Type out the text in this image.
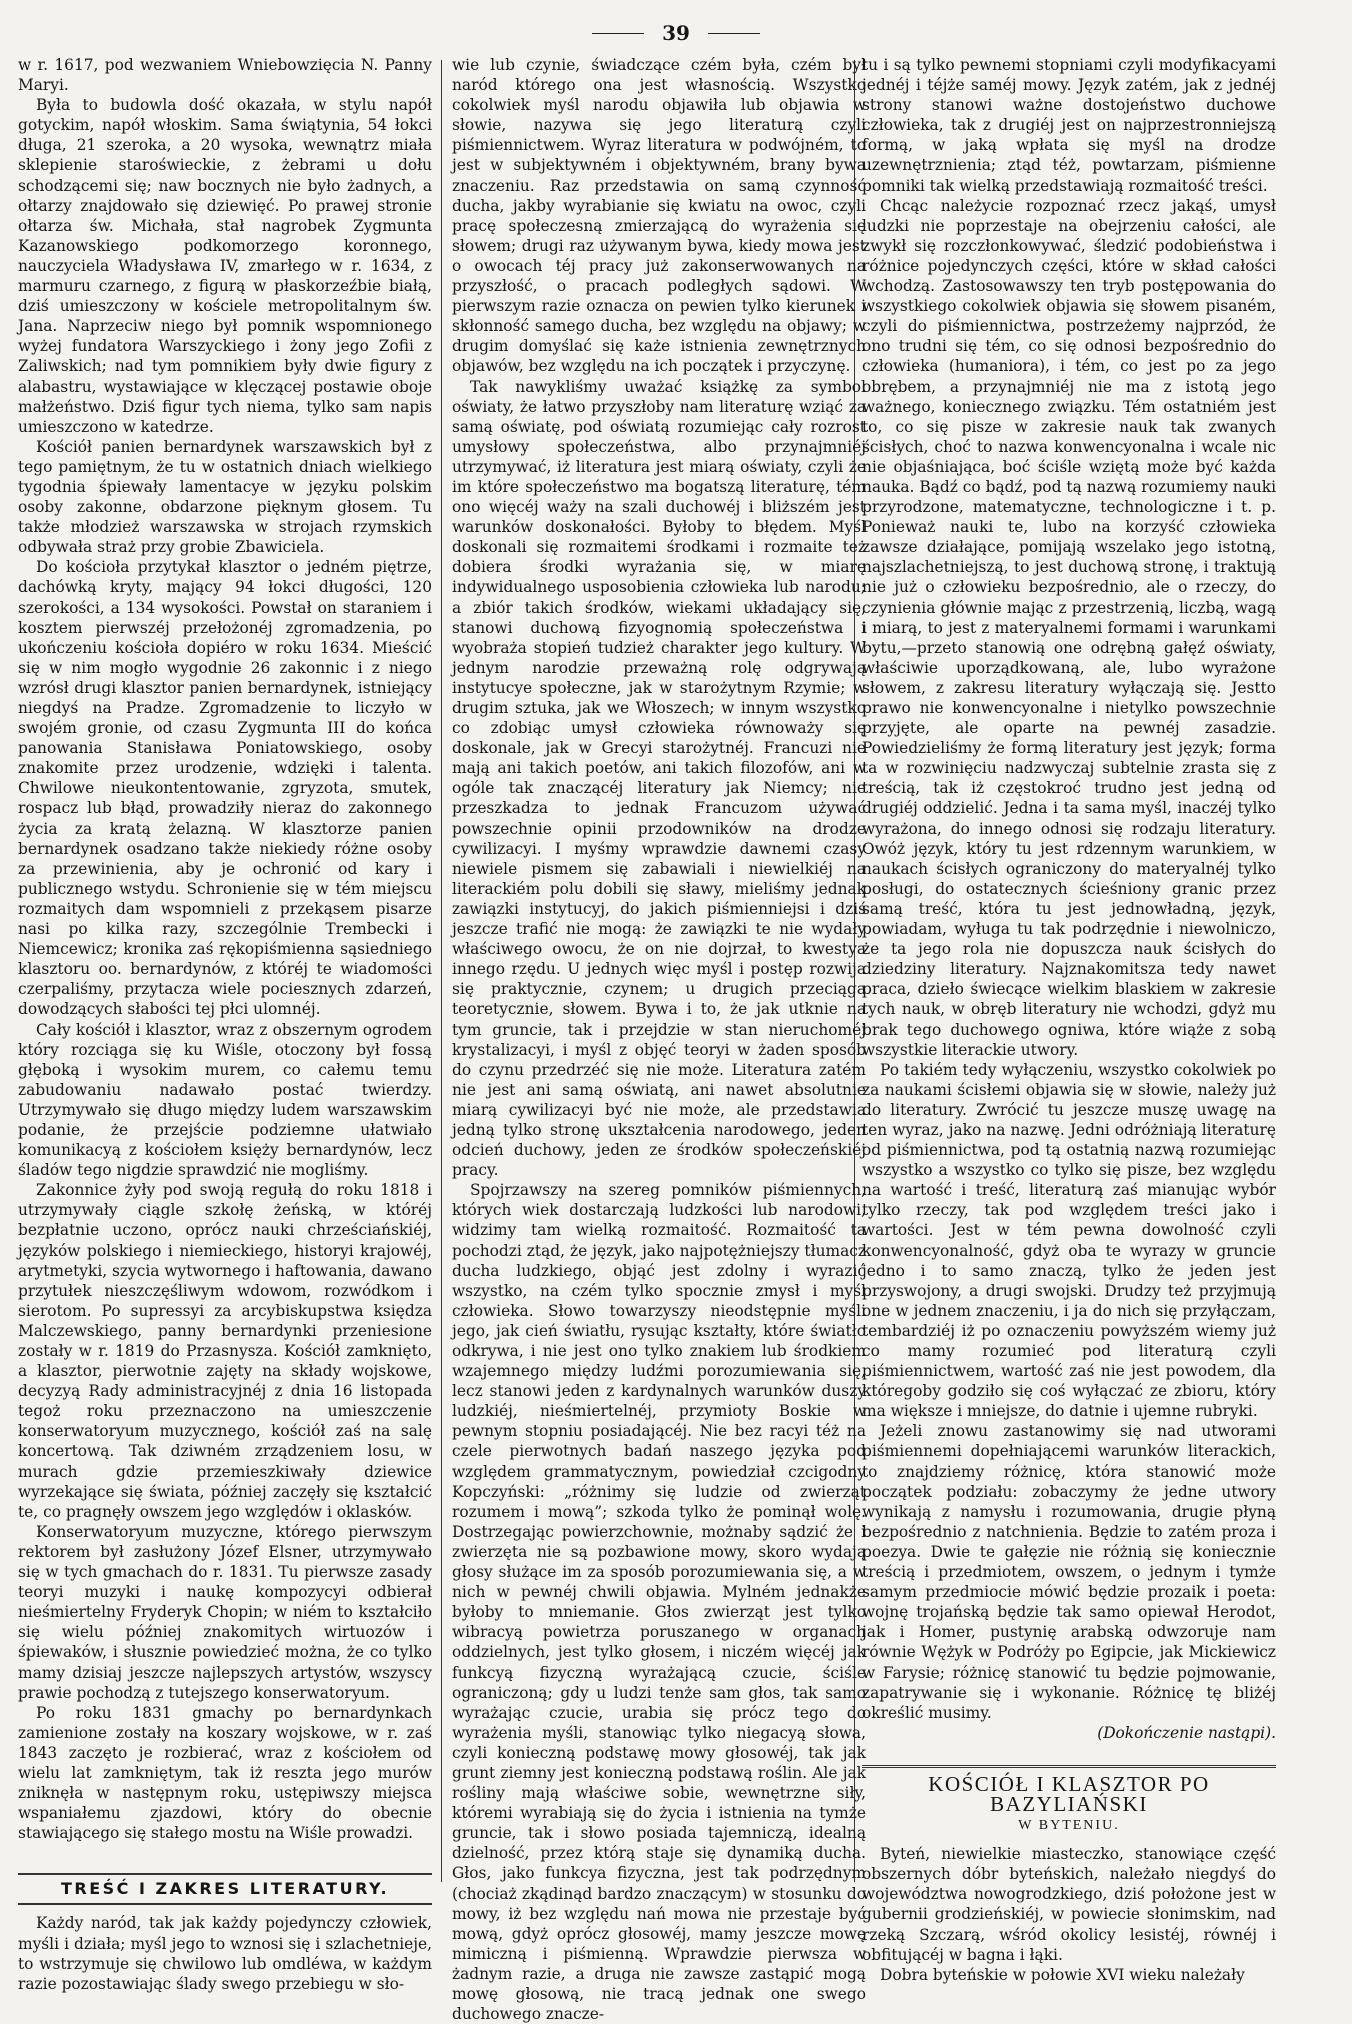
39

w r. 1617, pod wezwaniem Wniebowzięcia N. Panny Maryi.

Była to budowla dość okazała, w stylu napół gotyckim, napół włoskim. Sama świątynia, 54 łokci długa, 21 szeroka, a 20 wysoka, wewnątrz miała sklepienie staroświeckie, z żebrami u dołu schodzącemi się; naw bocznych nie było żadnych, a ołtarzy znajdowało się dziewięć. Po prawej stronie ołtarza św. Michała, stał nagrobek Zygmunta Kazanowskiego podkomorzego koronnego, nauczyciela Władysława IV, zmarłego w r. 1634, z marmuru czarnego, z figurą w płaskorzeźbie białą, dziś umieszczony w kościele metropolitalnym św. Jana. Naprzeciw niego był pomnik wspomnionego wyżej fundatora Warszyckiego i żony jego Zofii z Zaliwskich; nad tym pomnikiem były dwie figury z alabastru, wystawiające w klęczącej postawie oboje małżeństwo. Dziś figur tych niema, tylko sam napis umieszczono w katedrze.

Kościół panien bernardynek warszawskich był z tego pamiętnym, że tu w ostatnich dniach wielkiego tygodnia śpiewały lamentacye w języku polskim osoby zakonne, obdarzone pięknym głosem. Tu także młodzież warszawska w strojach rzymskich odbywała straż przy grobie Zbawiciela.

Do kościoła przytykał klasztor o jedném piętrze, dachówką kryty, mający 94 łokci długości, 120 szerokości, a 134 wysokości. Powstał on staraniem i kosztem pierwszéj przełożonéj zgromadzenia, po ukończeniu kościoła dopiéro w roku 1634. Mieścić się w nim mogło wygodnie 26 zakonnic i z niego wzrósł drugi klasztor panien bernardynek, istniejący niegdyś na Pradze. Zgromadzenie to liczyło w swojém gronie, od czasu Zygmunta III do końca panowania Stanisława Poniatowskiego, osoby znakomite przez urodzenie, wdzięki i talenta. Chwilowe nieukontentowanie, zgryzota, smutek, rospacz lub błąd, prowadziły nieraz do zakonnego życia za kratą żelazną. W klasztorze panien bernardynek osadzano także niekiedy różne osoby za przewinienia, aby je ochronić od kary i publicznego wstydu. Schronienie się w tém miejscu rozmaitych dam wspomnieli z przekąsem pisarze nasi po kilka razy, szczególnie Trembecki i Niemcewicz; kronika zaś rękopiśmienna sąsiedniego klasztoru oo. bernardynów, z któréj te wiadomości czerpaliśmy, przytacza wiele pociesznych zdarzeń, dowodzących słabości tej płci ulomnéj.

Cały kościół i klasztor, wraz z obszernym ogrodem który rozciąga się ku Wiśle, otoczony był fossą głęboką i wysokim murem, co całemu temu zabudowaniu nadawało postać twierdzy. Utrzymywało się długo między ludem warszawskim podanie, że przejście podziemne ułatwiało komunikacyą z kościołem księży bernardynów, lecz śladów tego nigdzie sprawdzić nie mogliśmy.

Zakonnice żyły pod swoją regułą do roku 1818 i utrzymywały ciągle szkołę żeńską, w któréj bezpłatnie uczono, oprócz nauki chrześciańskiéj, języków polskiego i niemieckiego, historyi krajowéj, arytmetyki, szycia wytwornego i haftowania, dawano przytułek nieszczęśliwym wdowom, rozwódkom i sierotom. Po supressyi za arcybiskupstwa księdza Malczewskiego, panny bernardynki przeniesione zostały w r. 1819 do Przasnysza. Kościół zamknięto, a klasztor, pierwotnie zajęty na składy wojskowe, decyzyą Rady administracyjnéj z dnia 16 listopada tegoż roku przeznaczono na umieszczenie konserwatoryum muzycznego, kościół zaś na salę koncertową. Tak dziwném zrządzeniem losu, w murach gdzie przemieszkiwały dziewice wyrzekające się świata, później zaczęły się kształcić te, co pragnęły owszem jego względów i oklasków.

Konserwatoryum muzyczne, którego pierwszym rektorem był zasłużony Józef Elsner, utrzymywało się w tych gmachach do r. 1831. Tu pierwsze zasady teoryi muzyki i naukę kompozycyi odbierał nieśmiertelny Fryderyk Chopin; w niém to kształciło się wielu później znakomitych wirtuozów i śpiewaków, i słusznie powiedzieć można, że co tylko mamy dzisiaj jeszcze najlepszych artystów, wszyscy prawie pochodzą z tutejszego konserwatoryum.

Po roku 1831 gmachy po bernardynkach zamienione zostały na koszary wojskowe, w r. zaś 1843 zaczęto je rozbierać, wraz z kościołem od wielu lat zamkniętym, tak iż reszta jego murów zniknęła w następnym roku, ustępiwszy miejsca wspaniałemu zjazdowi, który do obecnie stawiającego się stałego mostu na Wiśle prowadzi.

TREŚĆ I ZAKRES LITERATURY.

Każdy naród, tak jak każdy pojedynczy człowiek, myśli i działa; myśl jego to wznosi się i szlachetnieje, to wstrzymuje się chwilowo lub omdléwa, w każdym razie pozostawiając ślady swego przebiegu w sło-

wie lub czynie, świadczące czém była, czém był naród którego ona jest własnością. Wszystko cokolwiek myśl narodu objawiła lub objawia w słowie, nazywa się jego literaturą czyli piśmiennictwem. Wyraz literatura w podwójném, to jest w subjektywném i objektywném, brany bywa znaczeniu. Raz przedstawia on samą czynność ducha, jakby wyrabianie się kwiatu na owoc, czyli pracę społeczesną zmierzającą do wyrażenia się słowem; drugi raz używanym bywa, kiedy mowa jest o owocach téj pracy już zakonserwowanych na przyszłość, o pracach podległych sądowi. W pierwszym razie oznacza on pewien tylko kierunek i skłonność samego ducha, bez względu na objawy; w drugim domyślać się każe istnienia zewnętrznych objawów, bez względu na ich początek i przyczynę.

Tak nawykliśmy uważać książkę za symbol oświaty, że łatwo przyszłoby nam literaturę wziąć za samą oświatę, pod oświatą rozumiejąc cały rozrost umysłowy społeczeństwa, albo przynajmniéj utrzymywać, iż literatura jest miarą oświaty, czyli że im które społeczeństwo ma bogatszą literaturę, tém ono więcéj waży na szali duchowéj i bliższém jest warunków doskonałości. Byłoby to błędem. Myśl doskonali się rozmaitemi środkami i rozmaite też dobiera środki wyrażania się, w miarę indywidualnego usposobienia człowieka lub narodu; a zbiór takich środków, wiekami układający się, stanowi duchową fizyognomią społeczeństwa i wyobraża stopień tudzież charakter jego kultury. W jednym narodzie przeważną rolę odgrywają instytucye społeczne, jak w starożytnym Rzymie; w drugim sztuka, jak we Włoszech; w innym wszystko co zdobiąc umysł człowieka równoważy się doskonale, jak w Grecyi starożytnéj. Francuzi nie mają ani takich poetów, ani takich filozofów, ani w ogóle tak znaczącéj literatury jak Niemcy; nie przeszkadza to jednak Francuzom używać powszechnie opinii przodowników na drodze cywilizacyi. I myśmy wprawdzie dawnemi czasy niewiele pismem się zabawiali i niewielkiéj na literackiém polu dobili się sławy, mieliśmy jednak zawiązki instytucyj, do jakich piśmienniejsi i dziś jeszcze trafić nie mogą: że zawiązki te nie wydały właściwego owocu, że on nie dojrzał, to kwestya innego rzędu. U jednych więc myśl i postęp rozwija się praktycznie, czynem; u drugich przeciąga teoretycznie, słowem. Bywa i to, że jak utknie na tym gruncie, tak i przejdzie w stan nieruchoméj krystalizacyi, i myśl z objęć teoryi w żaden sposób do czynu przedrzéć się nie może. Literatura zatém nie jest ani samą oświatą, ani nawet absolutnie miarą cywilizacyi być nie może, ale przedstawia jedną tylko stronę ukształcenia narodowego, jeden odcień duchowy, jeden ze środków społeczeńskiéj pracy.

Spojrzawszy na szereg pomników piśmiennych, których wiek dostarczają ludzkości lub narodowi, widzimy tam wielką rozmaitość. Rozmaitość ta pochodzi ztąd, że język, jako najpotężniejszy tłumacz ducha ludzkiego, objąć jest zdolny i wyrazić wszystko, na czém tylko spocznie zmysł i myśl człowieka. Słowo towarzyszy nieodstępnie myśli jego, jak cień światłu, rysując kształty, które światło odkrywa, i nie jest ono tylko znakiem lub środkiem wzajemnego między ludźmi porozumiewania się, lecz stanowi jeden z kardynalnych warunków duszy ludzkiéj, nieśmiertelnéj, przymioty Boskie w pewnym stopniu posiadającéj. Nie bez racyi téż na czele pierwotnych badań naszego języka pod względem grammatycznym, powiedział czcigodny Kopczyński: „różnimy się ludzie od zwierząt rozumem i mową”; szkoda tylko że pominął wolę. Dostrzegając powierzchownie, możnaby sądzić że i zwierzęta nie są pozbawione mowy, skoro wydają głosy służące im za sposób porozumiewania się, a w nich w pewnéj chwili objawia. Mylném jednakże byłoby to mniemanie. Głos zwierząt jest tylko wibracyą powietrza poruszanego w organach oddzielnych, jest tylko głosem, i niczém więcéj jak funkcyą fizyczną wyrażającą czucie, ściśle ograniczoną; gdy u ludzi tenże sam głos, tak samo wyrażając czucie, urabia się prócz tego do wyrażenia myśli, stanowiąc tylko niegacyą słowa, czyli konieczną podstawę mowy głosowéj, tak jak grunt ziemny jest konieczną podstawą roślin. Ale jak rośliny mają właściwe sobie, wewnętrzne siły, któremi wyrabiają się do życia i istnienia na tymże gruncie, tak i słowo posiada tajemniczą, idealną dzielność, przez którą staje się dynamiką ducha. Głos, jako funkcya fizyczna, jest tak podrzędnym (chociaż zkądinąd bardzo znaczącym) w stosunku do mowy, iż bez względu nań mowa nie przestaje być mową, gdyż oprócz głosowéj, mamy jeszcze mowę mimiczną i piśmienną. Wprawdzie pierwsza w żadnym razie, a druga nie zawsze zastąpić mogą mowę głosową, nie tracą jednak one swego duchowego znacze-

tu i są tylko pewnemi stopniami czyli modyfikacyami jednéj i téjże saméj mowy. Język zatém, jak z jednéj strony stanowi ważne dostojeństwo duchowe człowieka, tak z drugiéj jest on najprzestronniejszą formą, w jaką wpłata się myśl na drodze uzewnętrznienia; ztąd téż, powtarzam, piśmienne pomniki tak wielką przedstawiają rozmaitość treści.

Chcąc należycie rozpoznać rzecz jakąś, umysł ludzki nie poprzestaje na obejrzeniu całości, ale zwykł się rozczłonkowywać, śledzić podobieństwa i różnice pojedynczych części, które w skład całości wchodzą. Zastosowawszy ten tryb postępowania do wszystkiego cokolwiek objawia się słowem pisaném, czyli do piśmiennictwa, postrzeżemy najprzód, że ono trudni się tém, co się odnosi bezpośrednio do człowieka (humaniora), i tém, co jest po za jego obrębem, a przynajmniéj nie ma z istotą jego ważnego, koniecznego związku. Tém ostatniém jest to, co się pisze w zakresie nauk tak zwanych ścisłych, choć to nazwa konwencyonalna i wcale nic nie objaśniająca, boć ściśle wziętą może być każda nauka. Bądź co bądź, pod tą nazwą rozumiemy nauki przyrodzone, matematyczne, technologiczne i t. p. Ponieważ nauki te, lubo na korzyść człowieka zawsze działające, pomijają wszelako jego istotną, najszlachetniejszą, to jest duchową stronę, i traktują nie już o człowieku bezpośrednio, ale o rzeczy, do czynienia głównie mając z przestrzenią, liczbą, wagą i miarą, to jest z materyalnemi formami i warunkami bytu,—przeto stanowią one odrębną gałęź oświaty, właściwie uporządkowaną, ale, lubo wyrażone słowem, z zakresu literatury wyłączają się. Jestto prawo nie konwencyonalne i nietylko powszechnie przyjęte, ale oparte na pewnéj zasadzie. Powiedzieliśmy że formą literatury jest język; forma ta w rozwinięciu nadzwyczaj subtelnie zrasta się z treścią, tak iż częstokroć trudno jest jedną od drugiéj oddzielić. Jedna i ta sama myśl, inaczéj tylko wyrażona, do innego odnosi się rodzaju literatury. Owóż język, który tu jest rdzennym warunkiem, w naukach ścisłych ograniczony do materyalnéj tylko posługi, do ostatecznych ścieśniony granic przez samą treść, która tu jest jednowładną, język, powiadam, wyługa tu tak podrzędnie i niewolniczo, że ta jego rola nie dopuszcza nauk ścisłych do dziedziny literatury. Najznakomitsza tedy nawet praca, dzieło świecące wielkim blaskiem w zakresie tych nauk, w obręb literatury nie wchodzi, gdyż mu brak tego duchowego ogniwa, które wiąże z sobą wszystkie literackie utwory.

Po takiém tedy wyłączeniu, wszystko cokolwiek po za naukami ścisłemi objawia się w słowie, należy już do literatury. Zwrócić tu jeszcze muszę uwagę na ten wyraz, jako na nazwę. Jedni odróżniają literaturę od piśmiennictwa, pod tą ostatnią nazwą rozumiejąc wszystko a wszystko co tylko się pisze, bez względu na wartość i treść, literaturą zaś mianując wybór tylko rzeczy, tak pod względem treści jako i wartości. Jest w tém pewna dowolność czyli konwencyonalność, gdyż oba te wyrazy w gruncie jedno i to samo znaczą, tylko że jeden jest przyswojony, a drugi swojski. Drudzy też przyjmują one w jednem znaczeniu, i ja do nich się przyłączam, tembardziéj iż po oznaczeniu powyższém wiemy już co mamy rozumieć pod literaturą czyli piśmiennictwem, wartość zaś nie jest powodem, dla któregoby godziło się coś wyłączać ze zbioru, który ma większe i mniejsze, do datnie i ujemne rubryki.

Jeżeli znowu zastanowimy się nad utworami piśmiennemi dopełniającemi warunków literackich, to znajdziemy różnicę, która stanowić może początek podziału: zobaczymy że jedne utwory wynikają z namysłu i rozumowania, drugie płyną bezpośrednio z natchnienia. Będzie to zatém proza i poezya. Dwie te gałęzie nie różnią się koniecznie treścią i przedmiotem, owszem, o jednym i tymże samym przedmiocie mówić będzie prozaik i poeta: wojnę trojańską będzie tak samo opiewał Herodot, jak i Homer, pustynię arabską odwzoruje nam równie Wężyk w Podróży po Egipcie, jak Mickiewicz w Farysie; różnicę stanowić tu będzie pojmowanie, zapatrywanie się i wykonanie. Różnicę tę bliżéj określić musimy.

(Dokończenie nastąpi).

KOŚCIÓŁ I KLASZTOR PO BAZYLIAŃSKI
W BYTENIU.

Byteń, niewielkie miasteczko, stanowiące część obszernych dóbr byteńskich, należało niegdyś do województwa nowogrodzkiego, dziś położone jest w gubernii grodzieńskiéj, w powiecie słonimskim, nad rzeką Szczarą, wśród okolicy lesistéj, równéj i obfitującéj w bagna i łąki.

Dobra byteńskie w połowie XVI wieku należały
